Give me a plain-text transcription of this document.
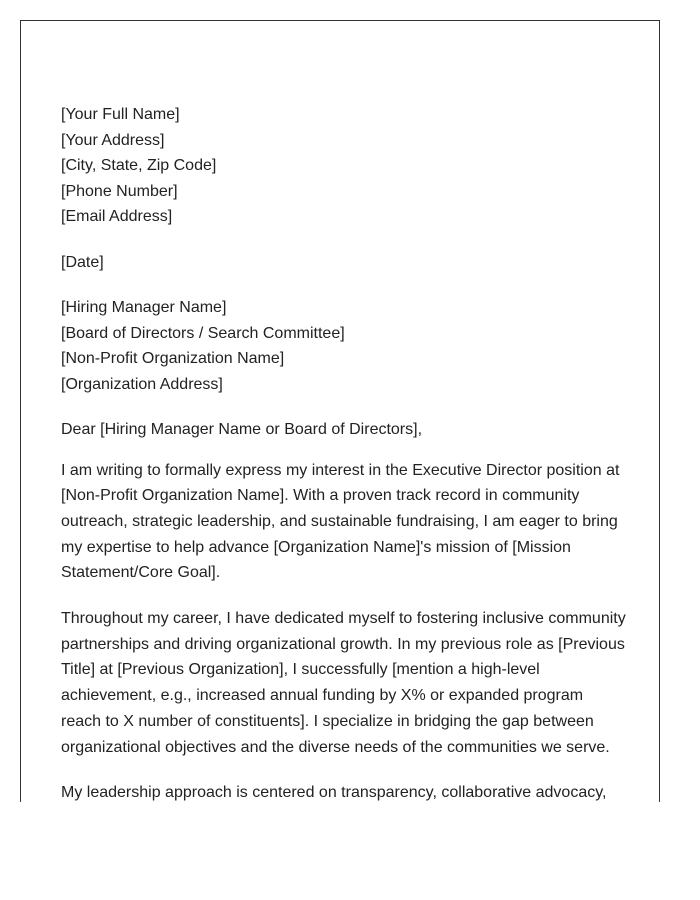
[Your Full Name]
[Your Address]
[City, State, Zip Code]
[Phone Number]
[Email Address]
[Date]
[Hiring Manager Name]
[Board of Directors / Search Committee]
[Non-Profit Organization Name]
[Organization Address]

Dear [Hiring Manager Name or Board of Directors],

I am writing to formally express my interest in the Executive Director position at [Non-Profit Organization Name]. With a proven track record in community outreach, strategic leadership, and sustainable fundraising, I am eager to bring my expertise to help advance [Organization Name]'s mission of [Mission Statement/Core Goal].

Throughout my career, I have dedicated myself to fostering inclusive community partnerships and driving organizational growth. In my previous role as [Previous Title] at [Previous Organization], I successfully [mention a high-level achievement, e.g., increased annual funding by X% or expanded program reach to X number of constituents]. I specialize in bridging the gap between organizational objectives and the diverse needs of the communities we serve.

My leadership approach is centered on transparency, collaborative advocacy,
